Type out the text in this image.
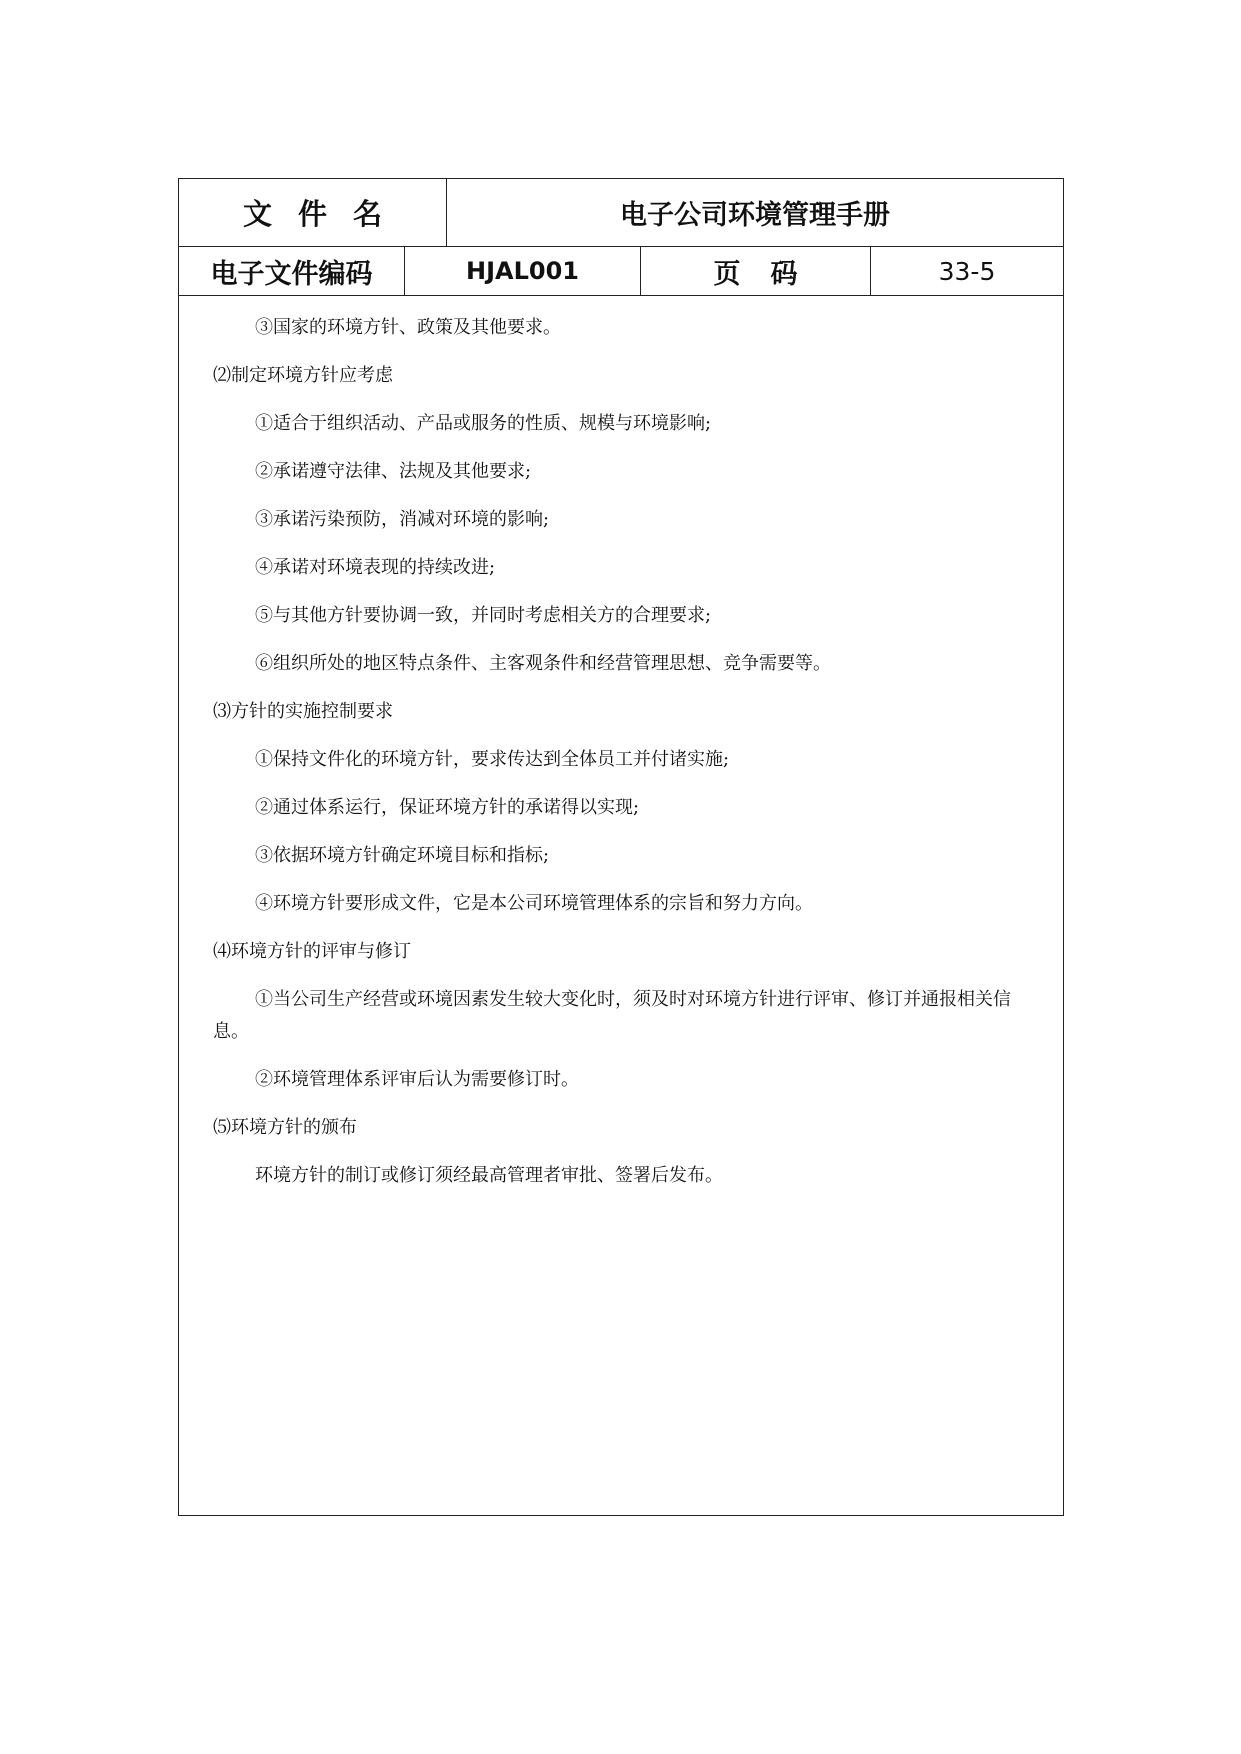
文件名	电子公司环境管理手册
电子文件编码	HJAL001	页码	33-5

③国家的环境方针、政策及其他要求。

⑵制定环境方针应考虑

①适合于组织活动、产品或服务的性质、规模与环境影响;

②承诺遵守法律、法规及其他要求;

③承诺污染预防，消减对环境的影响;

④承诺对环境表现的持续改进;

⑤与其他方针要协调一致，并同时考虑相关方的合理要求;

⑥组织所处的地区特点条件、主客观条件和经营管理思想、竞争需要等。

⑶方针的实施控制要求

①保持文件化的环境方针，要求传达到全体员工并付诸实施;

②通过体系运行，保证环境方针的承诺得以实现;

③依据环境方针确定环境目标和指标;

④环境方针要形成文件，它是本公司环境管理体系的宗旨和努力方向。

⑷环境方针的评审与修订

①当公司生产经营或环境因素发生较大变化时，须及时对环境方针进行评审、修订并通报相关信息。

②环境管理体系评审后认为需要修订时。

⑸环境方针的颁布

环境方针的制订或修订须经最高管理者审批、签署后发布。
